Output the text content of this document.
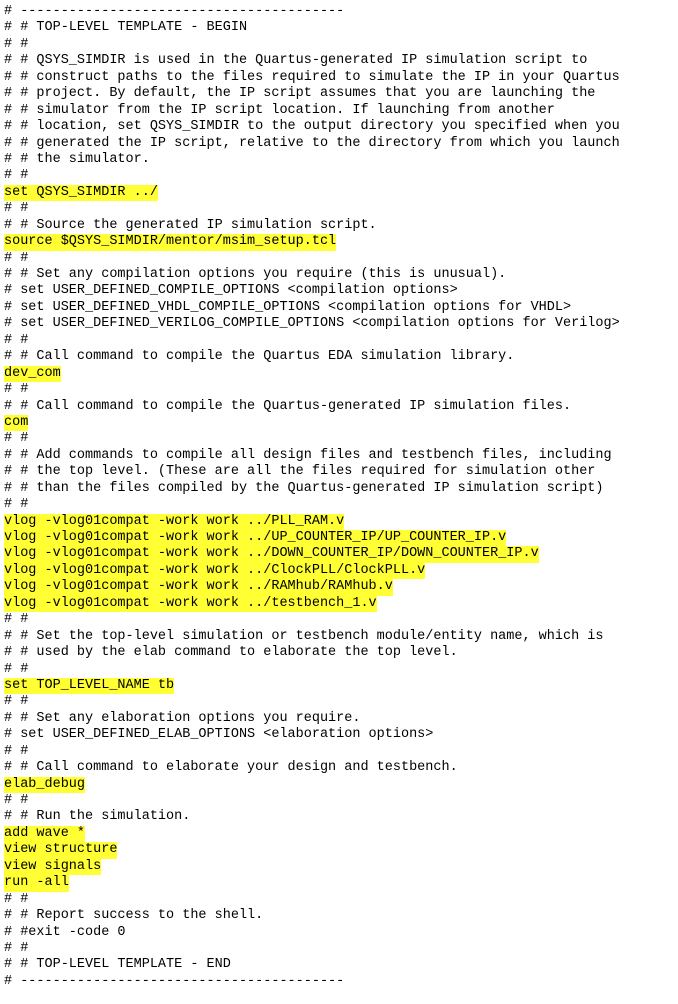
# ----------------------------------------
# # TOP-LEVEL TEMPLATE - BEGIN
# #
# # QSYS_SIMDIR is used in the Quartus-generated IP simulation script to
# # construct paths to the files required to simulate the IP in your Quartus
# # project. By default, the IP script assumes that you are launching the
# # simulator from the IP script location. If launching from another
# # location, set QSYS_SIMDIR to the output directory you specified when you
# # generated the IP script, relative to the directory from which you launch
# # the simulator.
# #
set QSYS_SIMDIR ../
# #
# # Source the generated IP simulation script.
source $QSYS_SIMDIR/mentor/msim_setup.tcl
# #
# # Set any compilation options you require (this is unusual).
# set USER_DEFINED_COMPILE_OPTIONS <compilation options>
# set USER_DEFINED_VHDL_COMPILE_OPTIONS <compilation options for VHDL>
# set USER_DEFINED_VERILOG_COMPILE_OPTIONS <compilation options for Verilog>
# #
# # Call command to compile the Quartus EDA simulation library.
dev_com
# #
# # Call command to compile the Quartus-generated IP simulation files.
com
# #
# # Add commands to compile all design files and testbench files, including
# # the top level. (These are all the files required for simulation other
# # than the files compiled by the Quartus-generated IP simulation script)
# #
vlog -vlog01compat -work work ../PLL_RAM.v
vlog -vlog01compat -work work ../UP_COUNTER_IP/UP_COUNTER_IP.v
vlog -vlog01compat -work work ../DOWN_COUNTER_IP/DOWN_COUNTER_IP.v
vlog -vlog01compat -work work ../ClockPLL/ClockPLL.v
vlog -vlog01compat -work work ../RAMhub/RAMhub.v
vlog -vlog01compat -work work ../testbench_1.v
# #
# # Set the top-level simulation or testbench module/entity name, which is
# # used by the elab command to elaborate the top level.
# #
set TOP_LEVEL_NAME tb
# #
# # Set any elaboration options you require.
# set USER_DEFINED_ELAB_OPTIONS <elaboration options>
# #
# # Call command to elaborate your design and testbench.
elab_debug
# #
# # Run the simulation.
add wave *
view structure
view signals
run -all
# #
# # Report success to the shell.
# #exit -code 0
# #
# # TOP-LEVEL TEMPLATE - END
# ----------------------------------------
